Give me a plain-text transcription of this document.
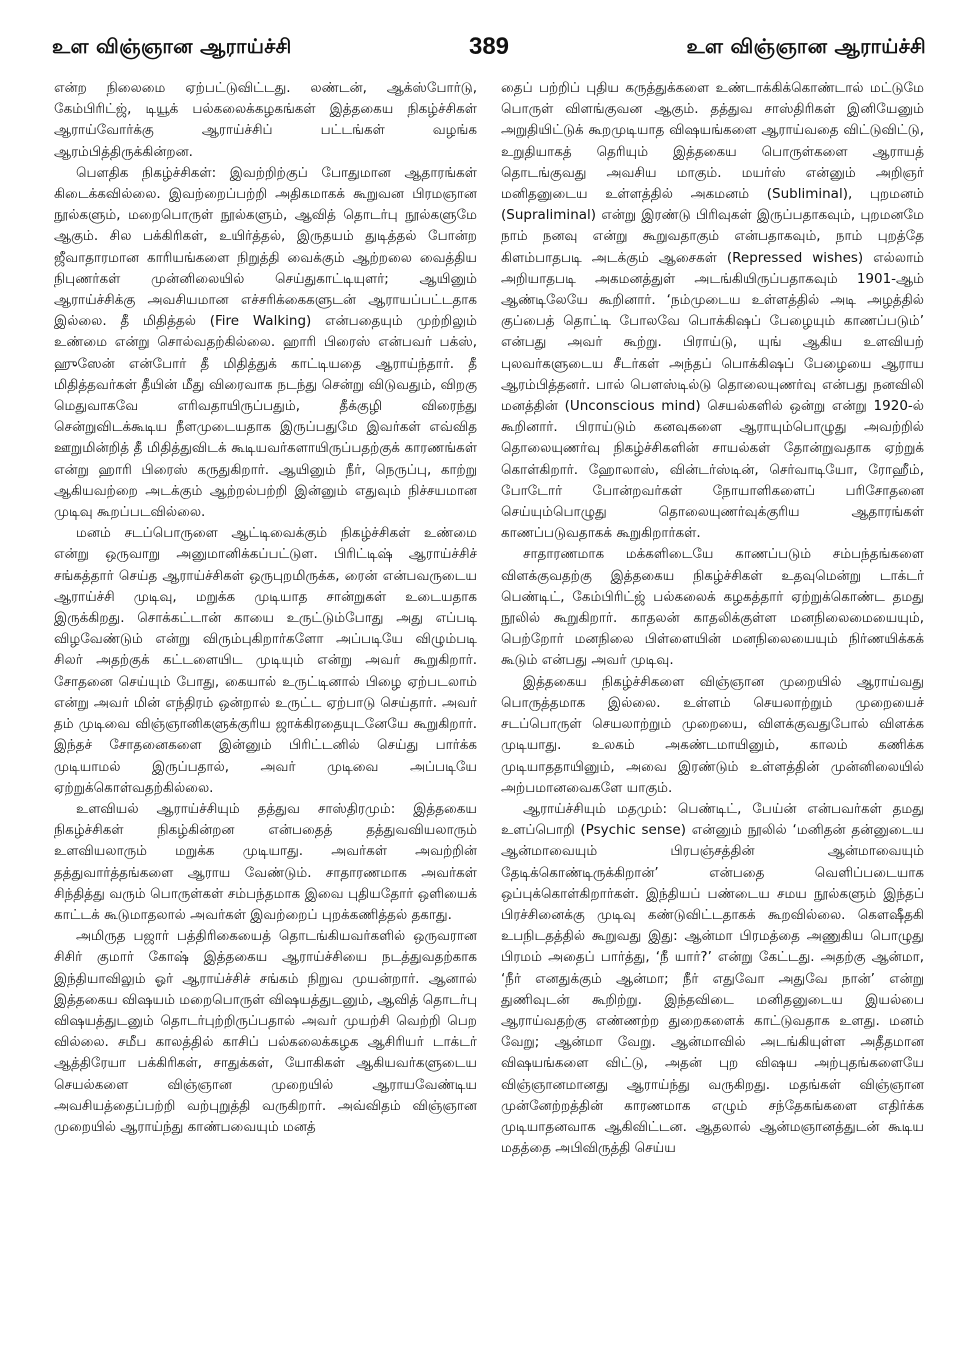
உள விஞ்ஞான ஆராய்ச்சி	389	உள விஞ்ஞான ஆராய்ச்சி

என்ற நிலைமை ஏற்பட்டுவிட்டது. லண்டன், ஆக்ஸ்போர்டு, கேம்பிரிட்ஜ், டியூக் பல்கலைக்கழகங்கள் இத்தகைய நிகழ்ச்சிகள் ஆராய்வோர்க்கு ஆராய்ச்சிப் பட்டங்கள் வழங்க ஆரம்பித்திருக்கின்றன.

பௌதிக நிகழ்ச்சிகள்: இவற்றிற்குப் போதுமான ஆதாரங்கள் கிடைக்கவில்லை. இவற்றைப்பற்றி அதிகமாகக் கூறுவன பிரமஞான நூல்களும், மறைபொருள் நூல்களும், ஆவித் தொடர்பு நூல்களுமே ஆகும். சில பக்கிரிகள், உயிர்த்தல், இருதயம் துடித்தல் போன்ற ஜீவாதாரமான காரியங்களை நிறுத்தி வைக்கும் ஆற்றலை வைத்திய நிபுணர்கள் முன்னிலையில் செய்துகாட்டியுளர்; ஆயினும் ஆராய்ச்சிக்கு அவசியமான எச்சரிக்கைகளுடன் ஆராயப்பட்டதாக இல்லை. தீ மிதித்தல் (Fire Walking) என்பதையும் முற்றிலும் உண்மை என்று சொல்வதற்கில்லை. ஹாரி பிரைஸ் என்பவர் பக்ஸ், ஹுஸேன் என்போர் தீ மிதித்துக் காட்டியதை ஆராய்ந்தார். தீ மிதித்தவர்கள் தீயின் மீது விரைவாக நடந்து சென்று விடுவதும், விறகு மெதுவாகவே எரிவதாயிருப்பதும், தீக்குழி விரைந்து சென்றுவிடக்கூடிய நீளமுடையதாக இருப்பதுமே இவர்கள் எவ்வித ஊறுமின்றித் தீ மிதித்துவிடக் கூடியவர்களாயிருப்பதற்குக் காரணங்கள் என்று ஹாரி பிரைஸ் கருதுகிறார். ஆயினும் நீர், நெருப்பு, காற்று ஆகியவற்றை அடக்கும் ஆற்றல்பற்றி இன்னும் எதுவும் நிச்சயமான முடிவு கூறப்படவில்லை.

மனம் சடப்பொருளை ஆட்டிவைக்கும் நிகழ்ச்சிகள் உண்மை என்று ஒருவாறு அனுமானிக்கப்பட்டுள. பிரிட்டிஷ் ஆராய்ச்சிச் சங்கத்தார் செய்த ஆராய்ச்சிகள் ஒருபுறமிருக்க, ரைன் என்பவருடைய ஆராய்ச்சி முடிவு, மறுக்க முடியாத சான்றுகள் உடையதாக இருக்கிறது. சொக்கட்டான் காயை உருட்டும்போது அது எப்படி விழவேண்டும் என்று விரும்புகிறார்களோ அப்படியே விழும்படி சிலர் அதற்குக் கட்டளையிட முடியும் என்று அவர் கூறுகிறார். சோதனை செய்யும் போது, கையால் உருட்டினால் பிழை ஏற்படலாம் என்று அவர் மின் எந்திரம் ஒன்றால் உருட்ட ஏற்பாடு செய்தார். அவர் தம் முடிவை விஞ்ஞானிகளுக்குரிய ஜாக்கிரதையுடனேயே கூறுகிறார். இந்தச் சோதனைகளை இன்னும் பிரிட்டனில் செய்து பார்க்க முடியாமல் இருப்பதால், அவர் முடிவை அப்படியே ஏற்றுக்கொள்வதற்கில்லை.

உளவியல் ஆராய்ச்சியும் தத்துவ சாஸ்திரமும்: இத்தகைய நிகழ்ச்சிகள் நிகழ்கின்றன என்பதைத் தத்துவவியலாரும் உளவியலாரும் மறுக்க முடியாது. அவர்கள் அவற்றின் தத்துவார்த்தங்களை ஆராய வேண்டும். சாதாரணமாக அவர்கள் சிந்தித்து வரும் பொருள்கள் சம்பந்தமாக இவை புதியதோர் ஒளியைக் காட்டக் கூடுமாதலால் அவர்கள் இவற்றைப் புறக்கணித்தல் தகாது.

அமிருத பஜார் பத்திரிகையைத் தொடங்கியவர்களில் ஒருவரான சிசிர் குமார் கோஷ் இத்தகைய ஆராய்ச்சியை நடத்துவதற்காக இந்தியாவிலும் ஓர் ஆராய்ச்சிச் சங்கம் நிறுவ முயன்றார். ஆனால் இத்தகைய விஷயம் மறைபொருள் விஷயத்துடனும், ஆவித் தொடர்பு விஷயத்துடனும் தொடர்புற்றிருப்பதால் அவர் முயற்சி வெற்றி பெற வில்லை. சமீப காலத்தில் காசிப் பல்கலைக்கழக ஆசிரியர் டாக்டர் ஆத்திரேயா பக்கிரிகள், சாதுக்கள், யோகிகள் ஆகியவர்களுடைய செயல்களை விஞ்ஞான முறையில் ஆராயவேண்டிய அவசியத்தைப்பற்றி வற்புறுத்தி வருகிறார். அவ்விதம் விஞ்ஞான முறையில் ஆராய்ந்து காண்பவையும் மனத்

தைப் பற்றிப் புதிய கருத்துக்களை உண்டாக்கிக்கொண்டால் மட்டுமே பொருள் விளங்குவன ஆகும். தத்துவ சாஸ்திரிகள் இனியேனும் அறுதியிட்டுக் கூறமுடியாத விஷயங்களை ஆராய்வதை விட்டுவிட்டு, உறுதியாகத் தெரியும் இத்தகைய பொருள்களை ஆராயத் தொடங்குவது அவசிய மாகும். மயர்ஸ் என்னும் அறிஞர் மனிதனுடைய உள்ளத்தில் அகமனம் (Subliminal), புறமனம் (Supraliminal) என்று இரண்டு பிரிவுகள் இருப்பதாகவும், புறமனமே நாம் நனவு என்று கூறுவதாகும் என்பதாகவும், நாம் புறத்தே கிளம்பாதபடி அடக்கும் ஆசைகள் (Repressed wishes) எல்லாம் அறியாதபடி அகமனத்துள் அடங்கியிருப்பதாகவும் 1901-ஆம் ஆண்டிலேயே கூறினார். ‘நம்முடைய உள்ளத்தில் அடி அழத்தில் குப்பைத் தொட்டி போலவே பொக்கிஷப் பேழையும் காணப்படும்’ என்பது அவர் கூற்று. பிராய்டு, யுங் ஆகிய உளவியற் புலவர்களுடைய சீடர்கள் அந்தப் பொக்கிஷப் பேழையை ஆராய ஆரம்பித்தனர். பால் பௌஸ்டில்டு தொலையுணர்வு என்பது நனவிலி மனத்தின் (Unconscious mind) செயல்களில் ஒன்று என்று 1920-ல் கூறினார். பிராய்டும் கனவுகளை ஆராயும்பொழுது அவற்றில் தொலையுணர்வு நிகழ்ச்சிகளின் சாயல்கள் தோன்றுவதாக ஏற்றுக் கொள்கிறார். ஹோலாஸ், வின்டர்ஸ்டின், செர்வாடியோ, ரோஹீம், போடோர் போன்றவர்கள் நோயாளிகளைப் பரிசோதனை செய்யும்பொழுது தொலையுணர்வுக்குரிய ஆதாரங்கள் காணப்படுவதாகக் கூறுகிறார்கள்.

சாதாரணமாக மக்களிடையே காணப்படும் சம்பந்தங்களை விளக்குவதற்கு இத்தகைய நிகழ்ச்சிகள் உதவுமென்று டாக்டர் பெண்டிட், கேம்பிரிட்ஜ் பல்கலைக் கழகத்தார் ஏற்றுக்கொண்ட தமது நூலில் கூறுகிறார். காதலன் காதலிக்குள்ள மனநிலைமையையும், பெற்றோர் மனநிலை பிள்ளையின் மனநிலையையும் நிர்ணயிக்கக் கூடும் என்பது அவர் முடிவு.

இத்தகைய நிகழ்ச்சிகளை விஞ்ஞான முறையில் ஆராய்வது பொருத்தமாக இல்லை. உள்ளம் செயலாற்றும் முறையைச் சடப்பொருள் செயலாற்றும் முறையை, விளக்குவதுபோல் விளக்க முடியாது. உலகம் அகண்டமாயினும், காலம் கணிக்க முடியாததாயினும், அவை இரண்டும் உள்ளத்தின் முன்னிலையில் அற்பமானவைகளே யாகும்.

ஆராய்ச்சியும் மதமும்: பெண்டிட், பேய்ன் என்பவர்கள் தமது உளப்பொறி (Psychic sense) என்னும் நூலில் ‘மனிதன் தன்னுடைய ஆன்மாவையும் பிரபஞ்சத்தின் ஆன்மாவையும் தேடிக்கொண்டிருக்கிறான்’ என்பதை வெளிப்படையாக ஒப்புக்கொள்கிறார்கள். இந்தியப் பண்டைய சமய நூல்களும் இந்தப் பிரச்சினைக்கு முடிவு கண்டுவிட்டதாகக் கூறவில்லை. கௌஷீதகி உபநிடதத்தில் கூறுவது இது: ஆன்மா பிரமத்தை அணுகிய பொழுது பிரமம் அதைப் பார்த்து, ‘நீ யார்?’ என்று கேட்டது. அதற்கு ஆன்மா, ‘நீர் எனதுக்கும் ஆன்மா; நீர் எதுவோ அதுவே நான்’ என்று துணிவுடன் கூறிற்று. இந்தவிடை மனிதனுடைய இயல்பை ஆராய்வதற்கு எண்ணற்ற துறைகளைக் காட்டுவதாக உளது. மனம் வேறு; ஆன்மா வேறு. ஆன்மாவில் அடங்கியுள்ள அதீதமான விஷயங்களை விட்டு, அதன் புற விஷய அற்புதங்களையே விஞ்ஞானமானது ஆராய்ந்து வருகிறது. மதங்கள் விஞ்ஞான முன்னேற்றத்தின் காரணமாக எழும் சந்தேகங்களை எதிர்க்க முடியாதனவாக ஆகிவிட்டன. ஆதலால் ஆன்மஞானத்துடன் கூடிய மதத்தை அபிவிருத்தி செய்ய
